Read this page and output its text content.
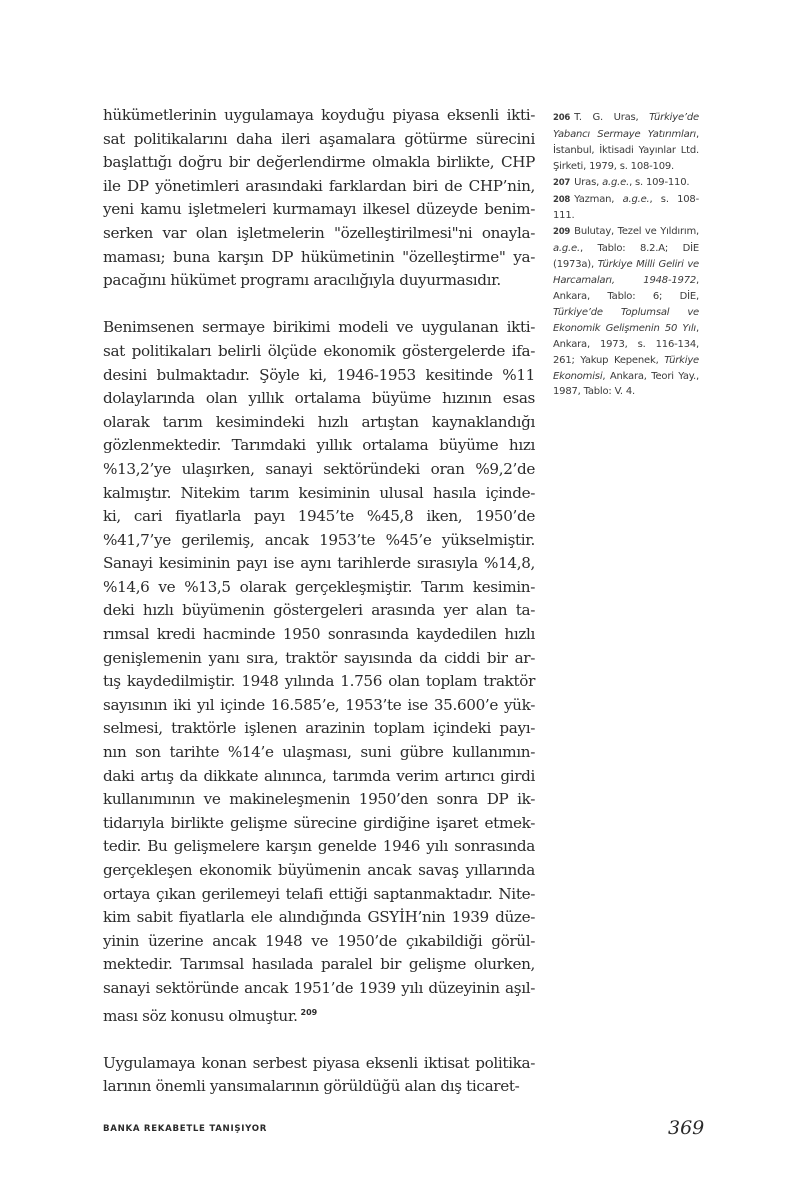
hükümetlerinin uygulamaya koyduğu piyasa eksenli ikti-
sat politikalarını daha ileri aşamalara götürme sürecini
başlattığı doğru bir değerlendirme olmakla birlikte, CHP
ile DP yönetimleri arasındaki farklardan biri de CHP’nin,
yeni kamu işletmeleri kurmamayı ilkesel düzeyde benim-
serken var olan işletmelerin "özelleştirilmesi"ni onayla-
maması; buna karşın DP hükümetinin "özelleştirme" ya-
pacağını hükümet programı aracılığıyla duyurmasıdır.

Benimsenen sermaye birikimi modeli ve uygulanan ikti-
sat politikaları belirli ölçüde ekonomik göstergelerde ifa-
desini bulmaktadır. Şöyle ki, 1946-1953 kesitinde %11
dolaylarında olan yıllık ortalama büyüme hızının esas
olarak tarım kesimindeki hızlı artıştan kaynaklandığı
gözlenmektedir. Tarımdaki yıllık ortalama büyüme hızı
%13,2’ye ulaşırken, sanayi sektöründeki oran %9,2’de
kalmıştır. Nitekim tarım kesiminin ulusal hasıla içinde-
ki, cari fiyatlarla payı 1945’te %45,8 iken, 1950’de
%41,7’ye gerilemiş, ancak 1953’te %45’e yükselmiştir.
Sanayi kesiminin payı ise aynı tarihlerde sırasıyla %14,8,
%14,6 ve %13,5 olarak gerçekleşmiştir. Tarım kesimin-
deki hızlı büyümenin göstergeleri arasında yer alan ta-
rımsal kredi hacminde 1950 sonrasında kaydedilen hızlı
genişlemenin yanı sıra, traktör sayısında da ciddi bir ar-
tış kaydedilmiştir. 1948 yılında 1.756 olan toplam traktör
sayısının iki yıl içinde 16.585’e, 1953’te ise 35.600’e yük-
selmesi, traktörle işlenen arazinin toplam içindeki payı-
nın son tarihte %14’e ulaşması, suni gübre kullanımın-
daki artış da dikkate alınınca, tarımda verim artırıcı girdi
kullanımının ve makineleşmenin 1950’den sonra DP ik-
tidarıyla birlikte gelişme sürecine girdiğine işaret etmek-
tedir. Bu gelişmelere karşın genelde 1946 yılı sonrasında
gerçekleşen ekonomik büyümenin ancak savaş yıllarında
ortaya çıkan gerilemeyi telafi ettiği saptanmaktadır. Nite-
kim sabit fiyatlarla ele alındığında GSYİH’nin 1939 düze-
yinin üzerine ancak 1948 ve 1950’de çıkabildiği görül-
mektedir. Tarımsal hasılada paralel bir gelişme olurken,
sanayi sektöründe ancak 1951’de 1939 yılı düzeyinin aşıl-
ması söz konusu olmuştur. $^{209}$

Uygulamaya konan serbest piyasa eksenli iktisat politika-
larının önemli yansımalarının görüldüğü alan dış ticaret-

206 T. G. Uras, Türkiye’de Yabancı Sermaye Yatırımları, İstanbul, İktisadi Yayınlar Ltd. Şirketi, 1979, s. 108-109.

207 Uras, a.g.e., s. 109-110.

208 Yazman, a.g.e., s. 108-111.

209 Bulutay, Tezel ve Yıldırım, a.g.e., Tablo: 8.2.A; DİE (1973a), Türkiye Milli Geliri ve Harcamaları, 1948-1972, Ankara, Tablo: 6; DİE, Türkiye’de Toplumsal ve Ekonomik Gelişmenin 50 Yılı, Ankara, 1973, s. 116-134, 261; Yakup Kepenek, Türkiye Ekonomisi, Ankara, Teori Yay., 1987, Tablo: V. 4.

BANKA REKABETLE TANIŞIYOR	369
